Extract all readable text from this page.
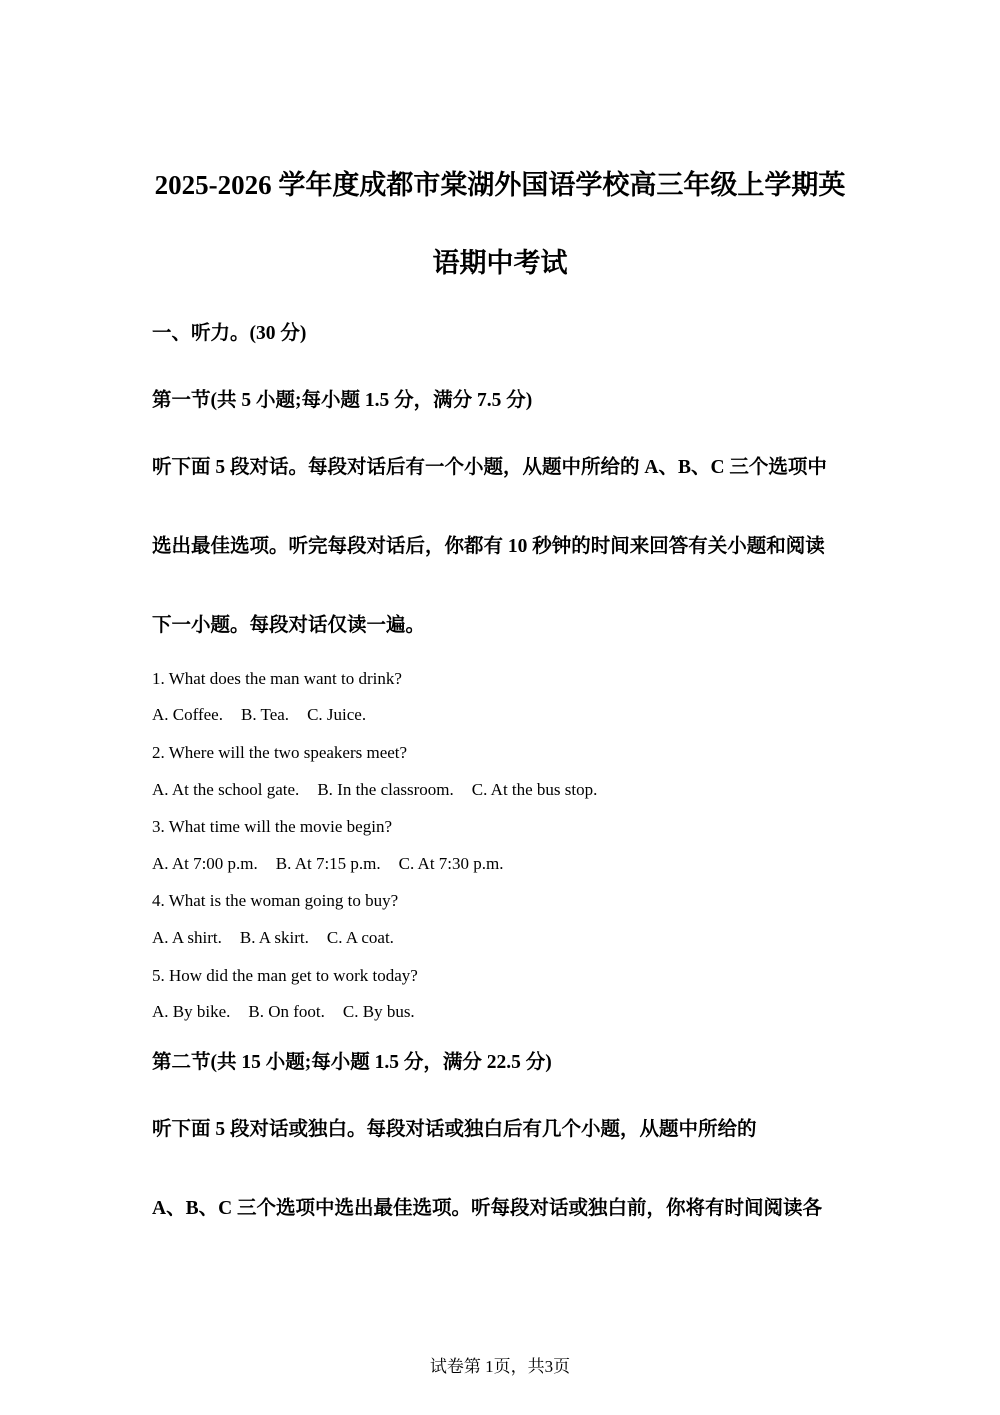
2025-2026 学年度成都市棠湖外国语学校高三年级上学期英
语期中考试
一、听力。(30 分)
第一节(共 5 小题;每小题 1.5 分，满分 7.5 分)
听下面 5 段对话。每段对话后有一个小题，从题中所给的 A、B、C 三个选项中
选出最佳选项。听完每段对话后，你都有 10 秒钟的时间来回答有关小题和阅读
下一小题。每段对话仅读一遍。
1. What does the man want to drink?
A. Coffee. B. Tea. C. Juice.
2. Where will the two speakers meet?
A. At the school gate. B. In the classroom. C. At the bus stop.
3. What time will the movie begin?
A. At 7:00 p.m. B. At 7:15 p.m. C. At 7:30 p.m.
4. What is the woman going to buy?
A. A shirt. B. A skirt. C. A coat.
5. How did the man get to work today?
A. By bike. B. On foot. C. By bus.
第二节(共 15 小题;每小题 1.5 分，满分 22.5 分)
听下面 5 段对话或独白。每段对话或独白后有几个小题，从题中所给的
A、B、C 三个选项中选出最佳选项。听每段对话或独白前，你将有时间阅读各
试卷第 1页，共3页
